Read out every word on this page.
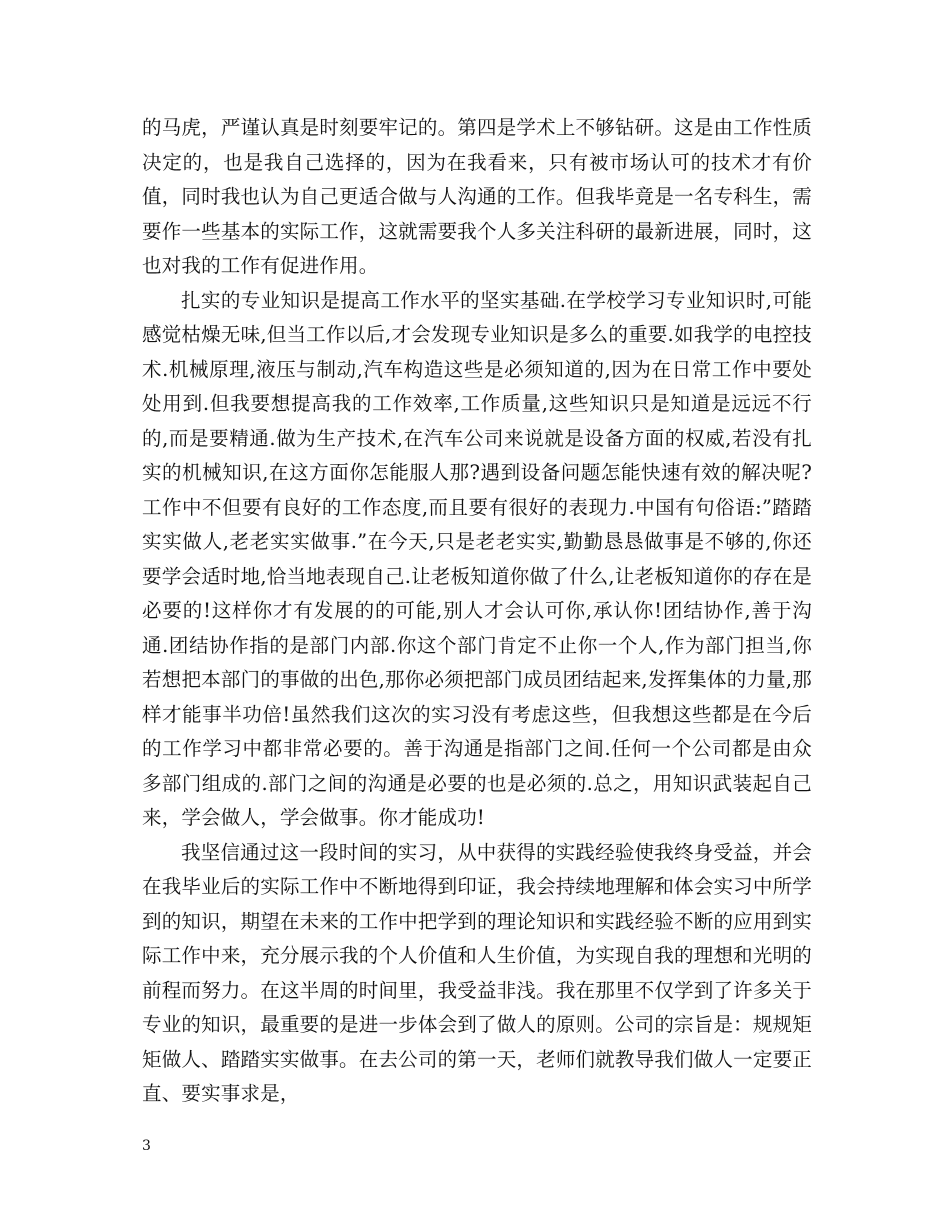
的马虎，严谨认真是时刻要牢记的。第四是学术上不够钻研。这是由工作性质决定的，也是我自己选择的，因为在我看来，只有被市场认可的技术才有价值，同时我也认为自己更适合做与人沟通的工作。但我毕竟是一名专科生，需要作一些基本的实际工作，这就需要我个人多关注科研的最新进展，同时，这也对我的工作有促进作用。

扎实的专业知识是提高工作水平的坚实基础.在学校学习专业知识时,可能感觉枯燥无味,但当工作以后,才会发现专业知识是多么的重要.如我学的电控技术.机械原理,液压与制动,汽车构造这些是必须知道的,因为在日常工作中要处处用到.但我要想提高我的工作效率,工作质量,这些知识只是知道是远远不行的,而是要精通.做为生产技术,在汽车公司来说就是设备方面的权威,若没有扎实的机械知识,在这方面你怎能服人那?遇到设备问题怎能快速有效的解决呢?工作中不但要有良好的工作态度,而且要有很好的表现力.中国有句俗语:”踏踏实实做人,老老实实做事.”在今天,只是老老实实,勤勤恳恳做事是不够的,你还要学会适时地,恰当地表现自己.让老板知道你做了什么,让老板知道你的存在是必要的!这样你才有发展的的可能,别人才会认可你,承认你!团结协作,善于沟通.团结协作指的是部门内部.你这个部门肯定不止你一个人,作为部门担当,你若想把本部门的事做的出色,那你必须把部门成员团结起来,发挥集体的力量,那样才能事半功倍!虽然我们这次的实习没有考虑这些，但我想这些都是在今后的工作学习中都非常必要的。善于沟通是指部门之间.任何一个公司都是由众多部门组成的.部门之间的沟通是必要的也是必须的.总之，用知识武装起自己来，学会做人，学会做事。你才能成功!

我坚信通过这一段时间的实习，从中获得的实践经验使我终身受益，并会在我毕业后的实际工作中不断地得到印证，我会持续地理解和体会实习中所学到的知识，期望在未来的工作中把学到的理论知识和实践经验不断的应用到实际工作中来，充分展示我的个人价值和人生价值，为实现自我的理想和光明的前程而努力。在这半周的时间里，我受益非浅。我在那里不仅学到了许多关于专业的知识，最重要的是进一步体会到了做人的原则。公司的宗旨是：规规矩矩做人、踏踏实实做事。在去公司的第一天，老师们就教导我们做人一定要正直、要实事求是，

3
